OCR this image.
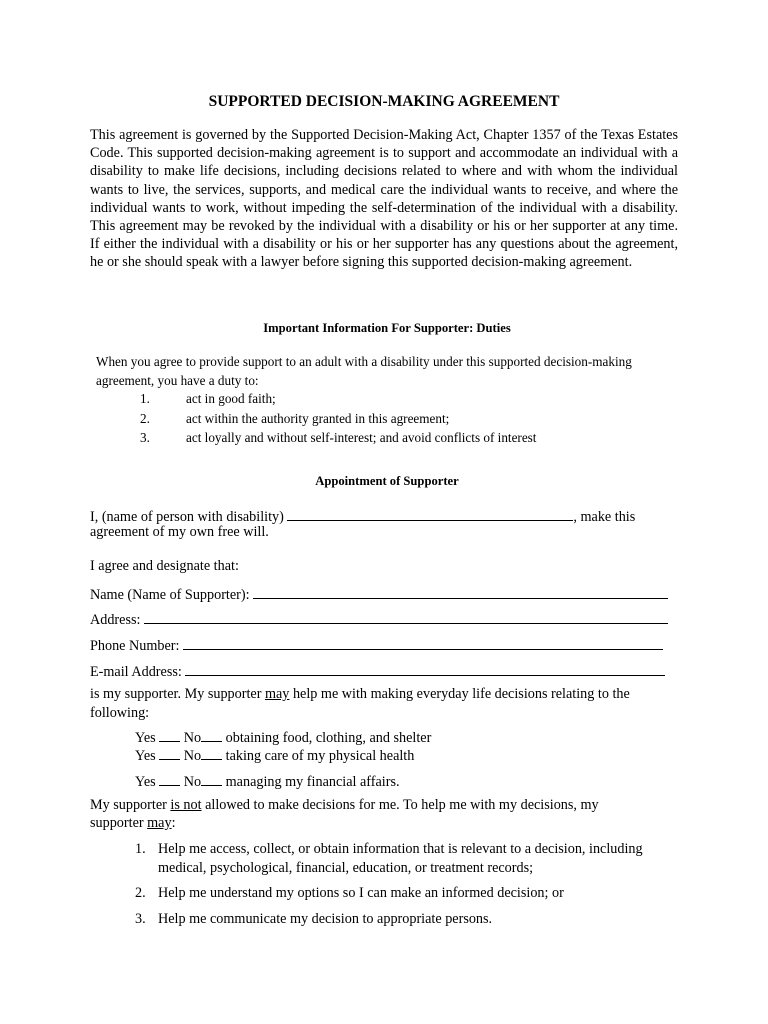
SUPPORTED DECISION-MAKING AGREEMENT
This agreement is governed by the Supported Decision-Making Act, Chapter 1357 of the Texas Estates Code. This supported decision-making agreement is to support and accommodate an individual with a disability to make life decisions, including decisions related to where and with whom the individual wants to live, the services, supports, and medical care the individual wants to receive, and where the individual wants to work, without impeding the self-determination of the individual with a disability. This agreement may be revoked by the individual with a disability or his or her supporter at any time. If either the individual with a disability or his or her supporter has any questions about the agreement, he or she should speak with a lawyer before signing this supported decision-making agreement.
Important Information For Supporter: Duties
When you agree to provide support to an adult with a disability under this supported decision-making
agreement, you have a duty to:
1.	act in good faith;
2.	act within the authority granted in this agreement;
3.	act loyally and without self-interest; and avoid conflicts of interest
Appointment of Supporter
I, (name of person with disability)	, make this
agreement of my own free will.
I agree and designate that:
Name (Name of Supporter):
Address:
Phone Number:
E-mail Address:
is my supporter. My supporter may help me with making everyday life decisions relating to the
following:
Yes No obtaining food, clothing, and shelter
Yes No taking care of my physical health
Yes No managing my financial affairs.
My supporter is not allowed to make decisions for me. To help me with my decisions, my
supporter may:
1. Help me access, collect, or obtain information that is relevant to a decision, including
medical, psychological, financial, education, or treatment records;
2. Help me understand my options so I can make an informed decision; or
3. Help me communicate my decision to appropriate persons.
